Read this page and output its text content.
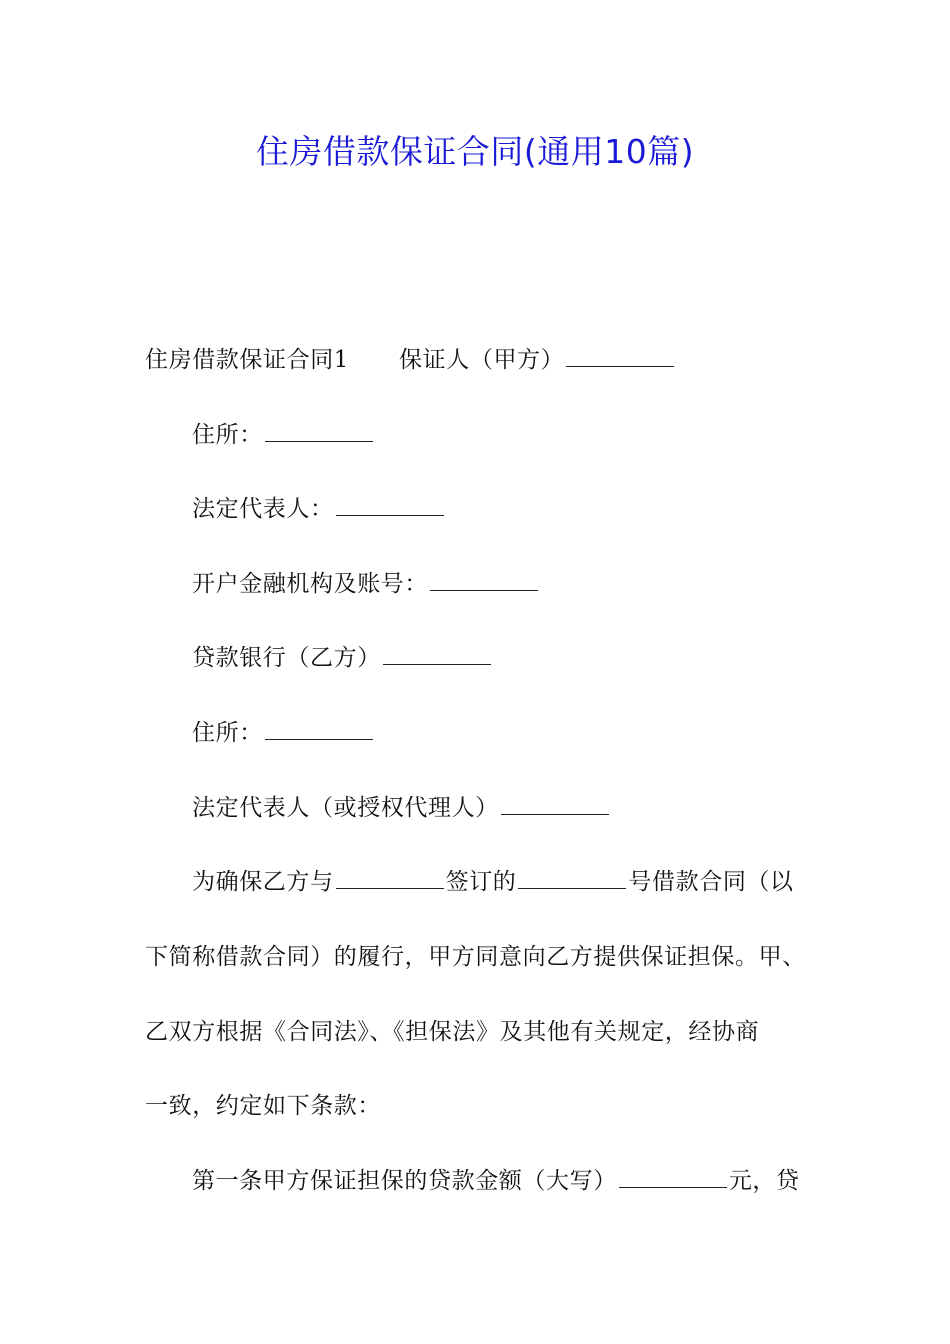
住房借款保证合同(通用10篇)
住房借款保证合同1 保证人（甲方）
住所：
法定代表人：
开户金融机构及账号：
贷款银行（乙方）
住所：
法定代表人（或授权代理人）
为确保乙方与	签订的	号借款合同（以
下简称借款合同）的履行，甲方同意向乙方提供保证担保。甲、
乙双方根据《合同法》、《担保法》及其他有关规定，经协商
一致，约定如下条款：
第一条甲方保证担保的贷款金额（大写）	元，贷
